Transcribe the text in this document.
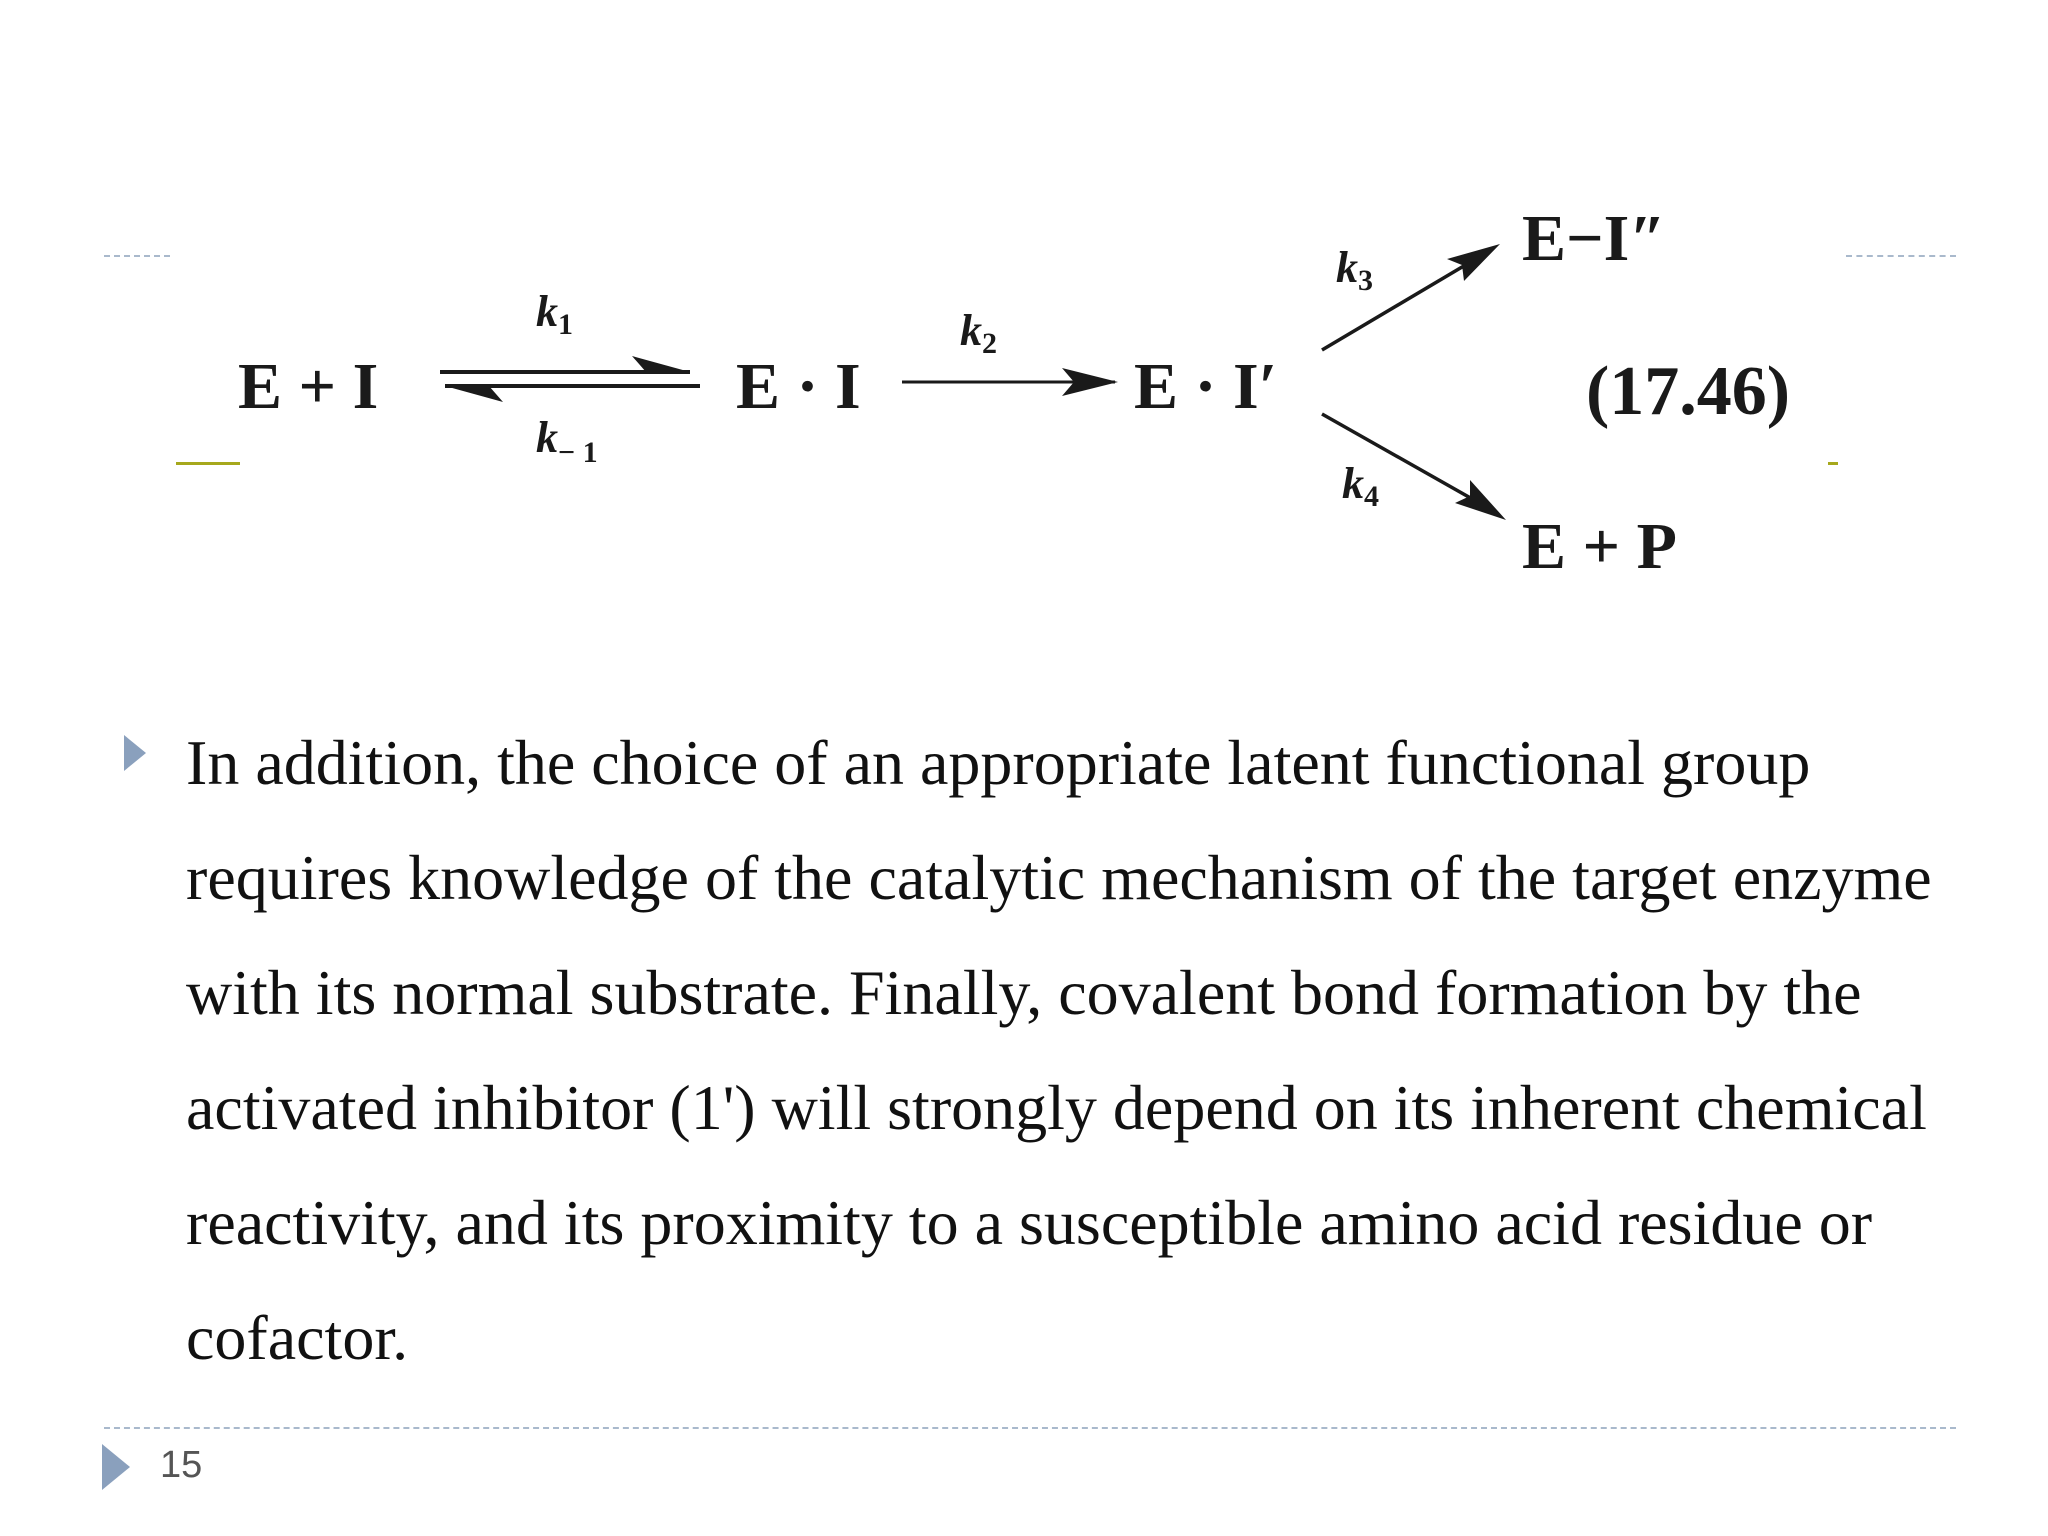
E + I
k1
$k_{- 1}$
E · I
k2
E · I′
k3
k4
E−I″
E + P
(17.46)

In addition, the choice of an appropriate latent functional group requires knowledge of the catalytic mechanism of the target enzyme with its normal substrate. Finally, covalent bond formation by the activated inhibitor (1') will strongly depend on its inherent chemical reactivity, and its proximity to a susceptible amino acid residue or cofactor.

15
